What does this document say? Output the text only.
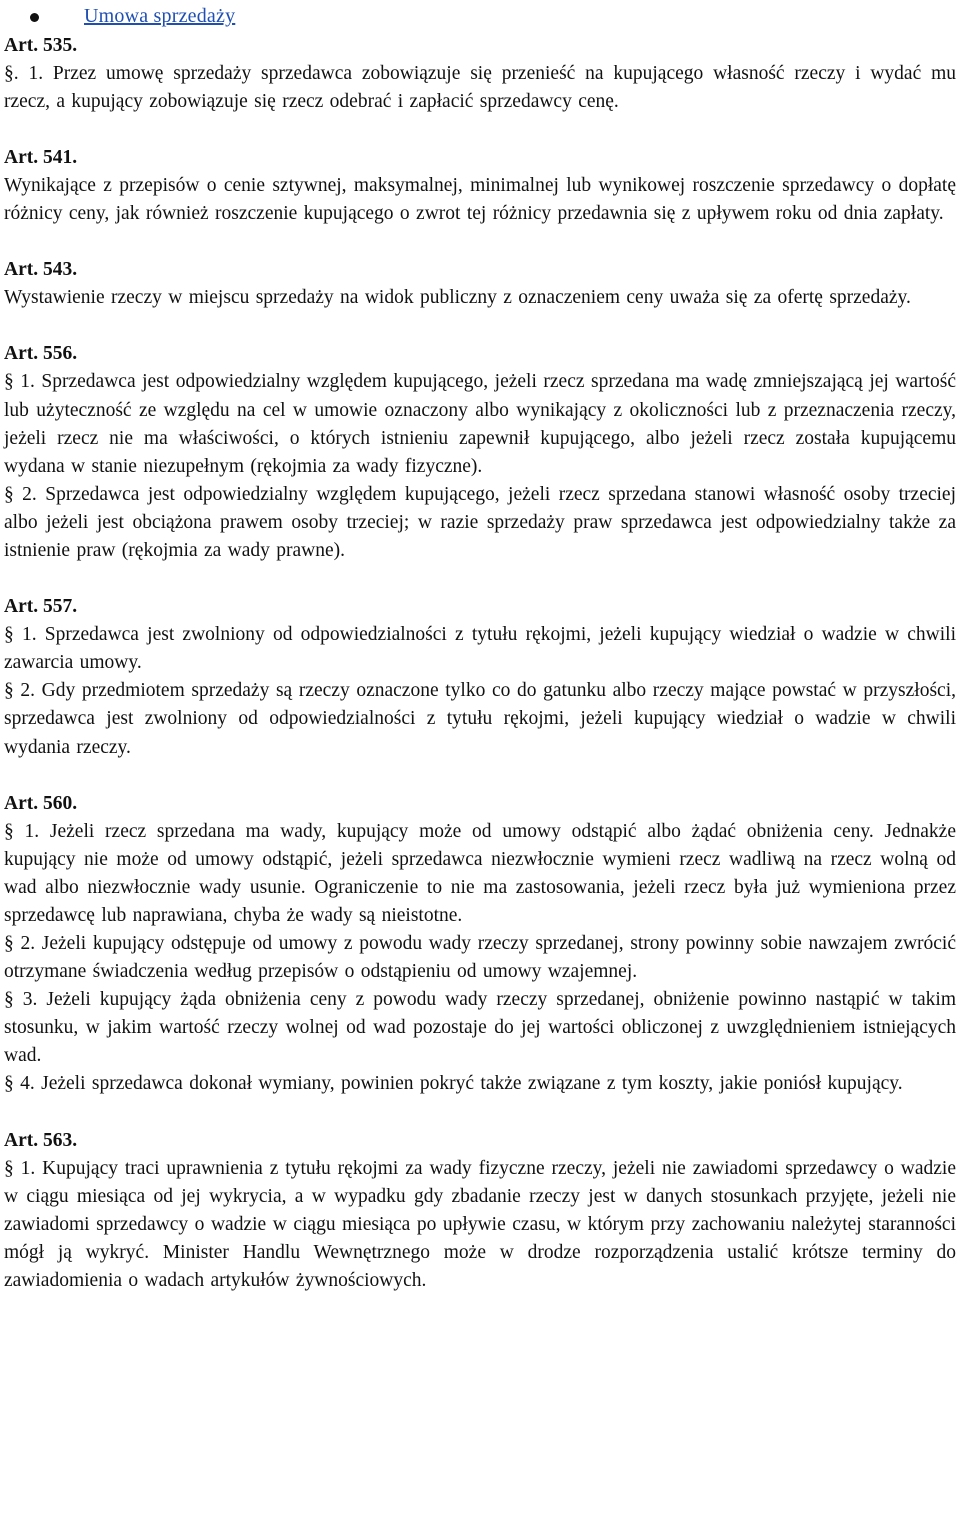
Umowa sprzedaży
Art. 535.
§. 1. Przez umowę sprzedaży sprzedawca zobowiązuje się przenieść na kupującego własność rzeczy i wydać mu rzecz, a kupujący zobowiązuje się rzecz odebrać i zapłacić sprzedawcy cenę.
Art. 541.
Wynikające z przepisów o cenie sztywnej, maksymalnej, minimalnej lub wynikowej roszczenie sprzedawcy o dopłatę różnicy ceny, jak również roszczenie kupującego o zwrot tej różnicy przedawnia się z upływem roku od dnia zapłaty.
Art. 543.
Wystawienie rzeczy w miejscu sprzedaży na widok publiczny z oznaczeniem ceny uważa się za ofertę sprzedaży.
Art. 556.
§ 1. Sprzedawca jest odpowiedzialny względem kupującego, jeżeli rzecz sprzedana ma wadę zmniejszającą jej wartość lub użyteczność ze względu na cel w umowie oznaczony albo wynikający z okoliczności lub z przeznaczenia rzeczy, jeżeli rzecz nie ma właściwości, o których istnieniu zapewnił kupującego, albo jeżeli rzecz została kupującemu wydana w stanie niezupełnym (rękojmia za wady fizyczne).
§ 2. Sprzedawca jest odpowiedzialny względem kupującego, jeżeli rzecz sprzedana stanowi własność osoby trzeciej albo jeżeli jest obciążona prawem osoby trzeciej; w razie sprzedaży praw sprzedawca jest odpowiedzialny także za istnienie praw (rękojmia za wady prawne).
Art. 557.
§ 1. Sprzedawca jest zwolniony od odpowiedzialności z tytułu rękojmi, jeżeli kupujący wiedział o wadzie w chwili zawarcia umowy.
§ 2. Gdy przedmiotem sprzedaży są rzeczy oznaczone tylko co do gatunku albo rzeczy mające powstać w przyszłości, sprzedawca jest zwolniony od odpowiedzialności z tytułu rękojmi, jeżeli kupujący wiedział o wadzie w chwili wydania rzeczy.
Art. 560.
§ 1. Jeżeli rzecz sprzedana ma wady, kupujący może od umowy odstąpić albo żądać obniżenia ceny. Jednakże kupujący nie może od umowy odstąpić, jeżeli sprzedawca niezwłocznie wymieni rzecz wadliwą na rzecz wolną od wad albo niezwłocznie wady usunie. Ograniczenie to nie ma zastosowania, jeżeli rzecz była już wymieniona przez sprzedawcę lub naprawiana, chyba że wady są nieistotne.
§ 2. Jeżeli kupujący odstępuje od umowy z powodu wady rzeczy sprzedanej, strony powinny sobie nawzajem zwrócić otrzymane świadczenia według przepisów o odstąpieniu od umowy wzajemnej.
§ 3. Jeżeli kupujący żąda obniżenia ceny z powodu wady rzeczy sprzedanej, obniżenie powinno nastąpić w takim stosunku, w jakim wartość rzeczy wolnej od wad pozostaje do jej wartości obliczonej z uwzględnieniem istniejących wad.
§ 4. Jeżeli sprzedawca dokonał wymiany, powinien pokryć także związane z tym koszty, jakie poniósł kupujący.
Art. 563.
§ 1. Kupujący traci uprawnienia z tytułu rękojmi za wady fizyczne rzeczy, jeżeli nie zawiadomi sprzedawcy o wadzie w ciągu miesiąca od jej wykrycia, a w wypadku gdy zbadanie rzeczy jest w danych stosunkach przyjęte, jeżeli nie zawiadomi sprzedawcy o wadzie w ciągu miesiąca po upływie czasu, w którym przy zachowaniu należytej staranności mógł ją wykryć. Minister Handlu Wewnętrznego może w drodze rozporządzenia ustalić krótsze terminy do zawiadomienia o wadach artykułów żywnościowych.
